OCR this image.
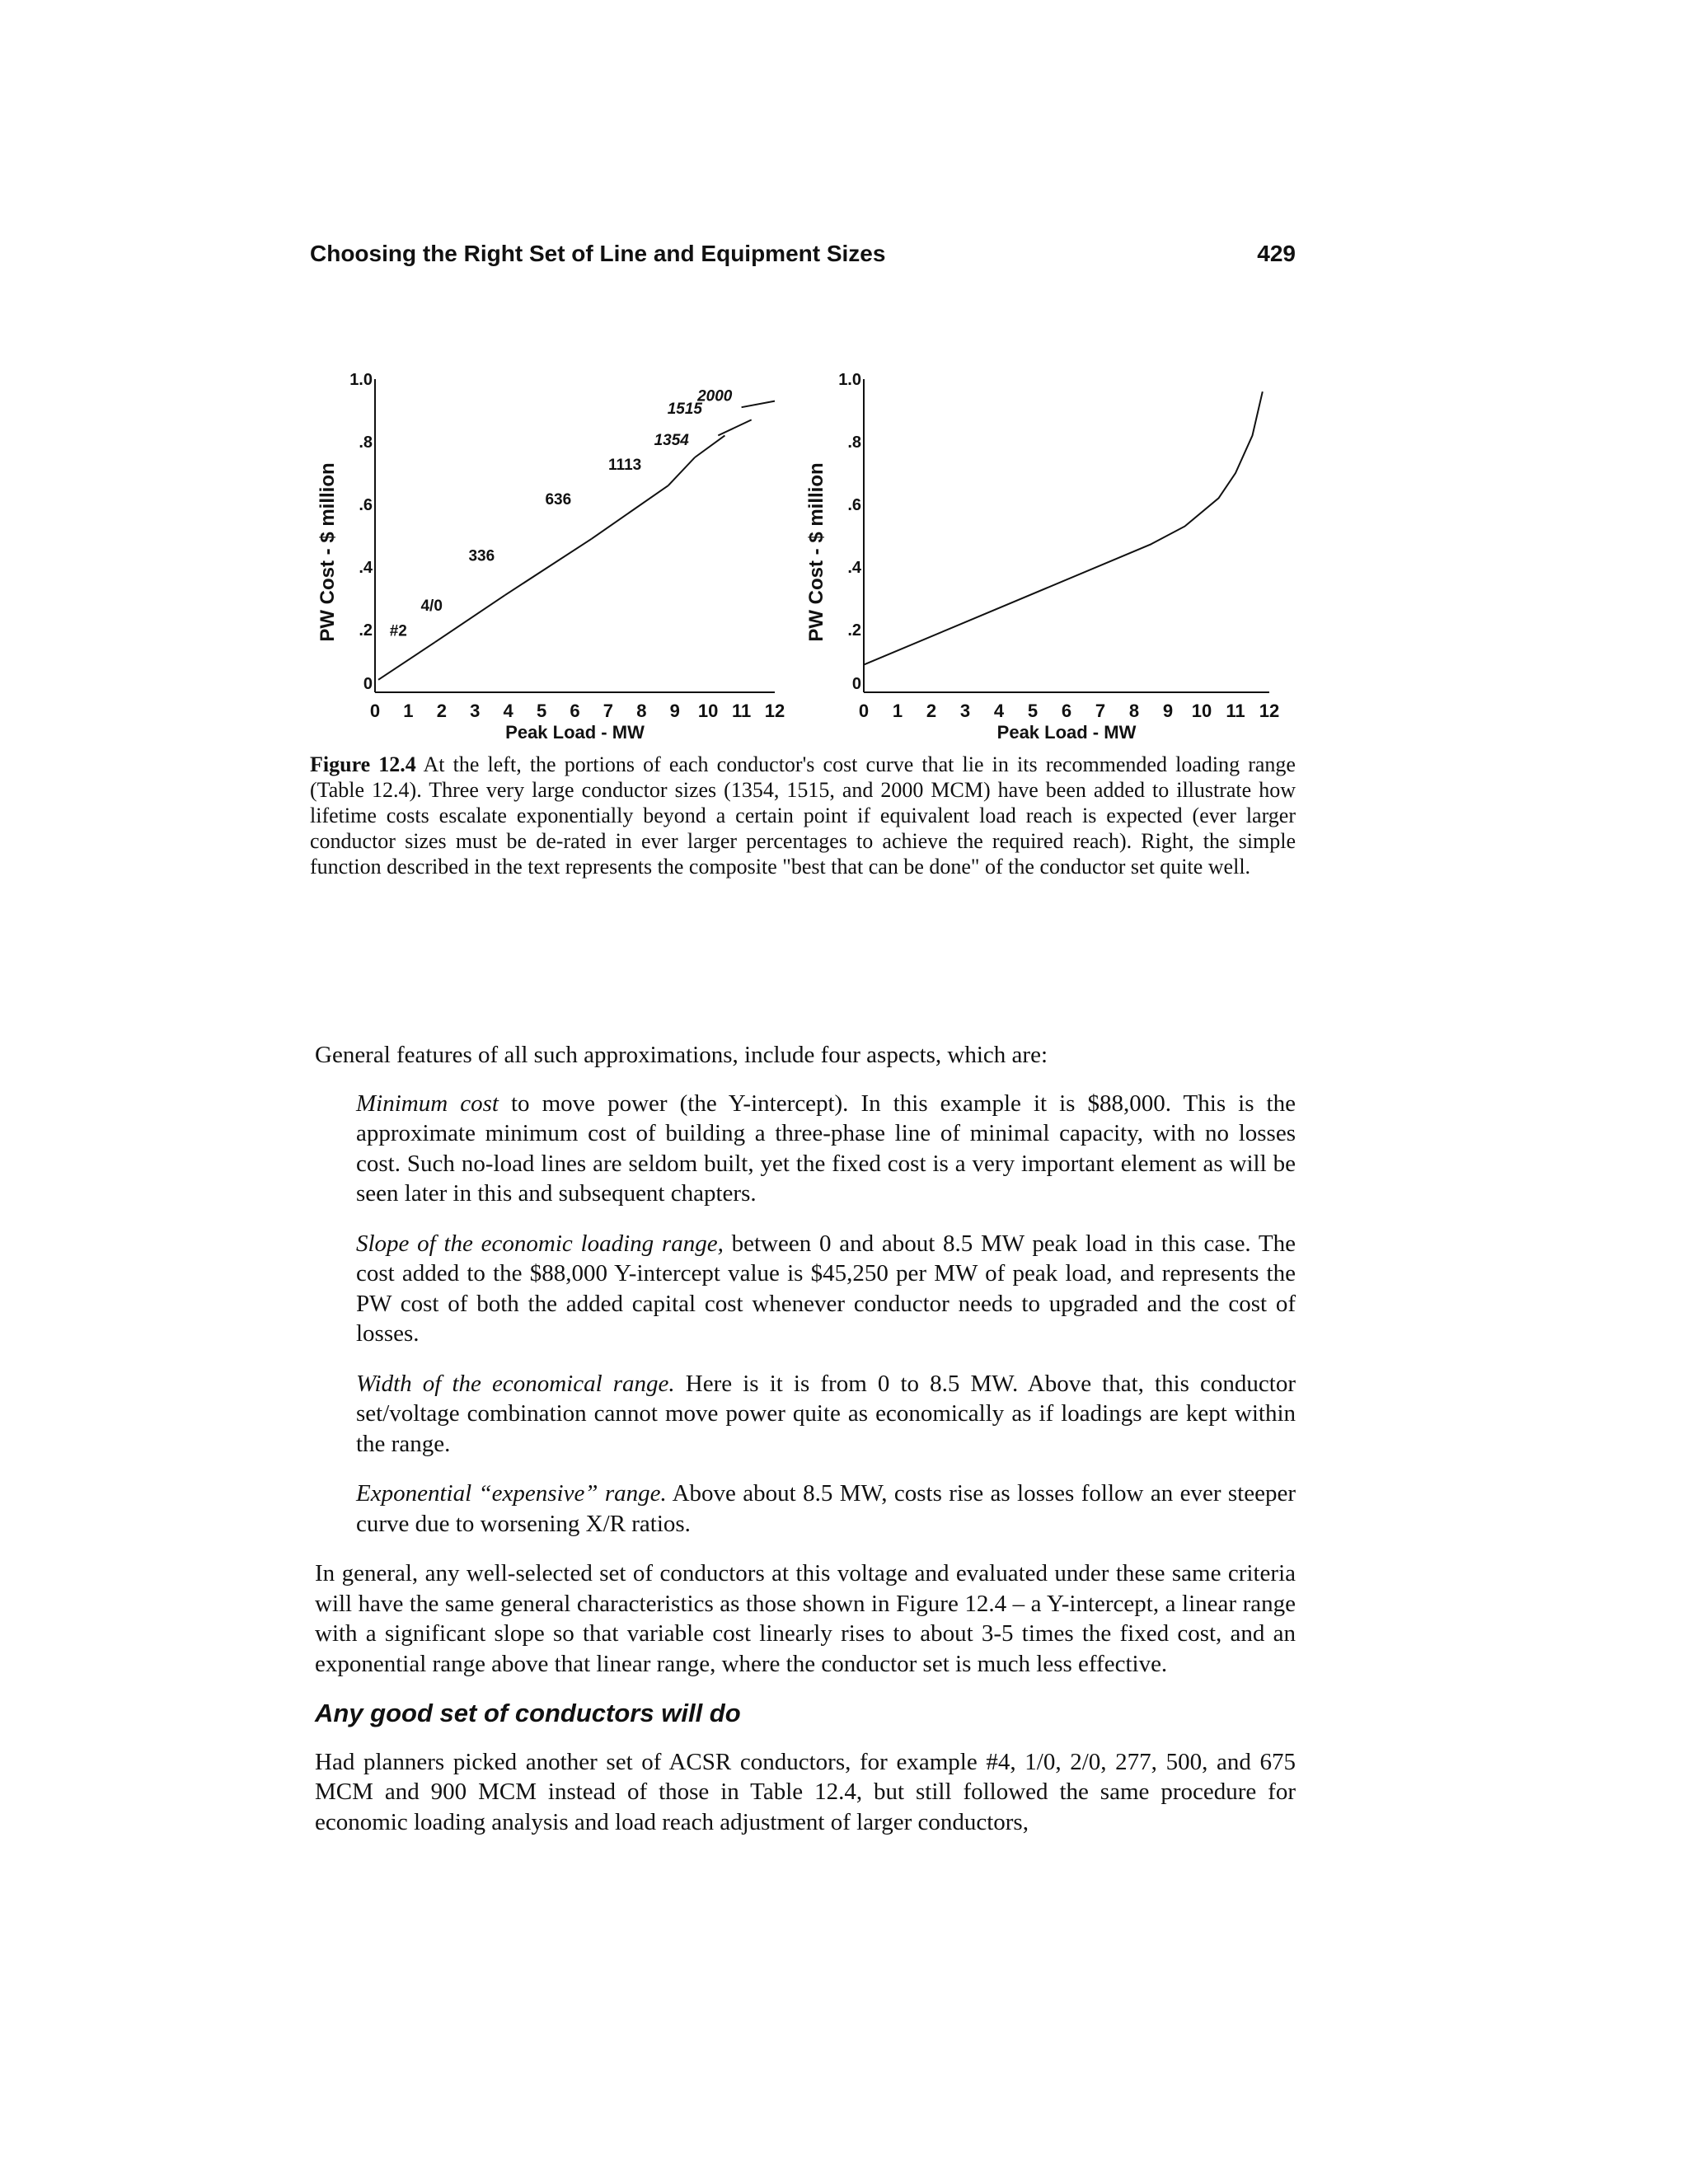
Choosing the Right Set of Line and Equipment Sizes	429
0 1 2 3 4 5 6 7 8 9 10 11 12
0
.2
.4
.6
.8
1.0
Peak Load - MW
PW Cost - $ million	#2
4/0
336
636
1113
1354
1515
2000
0 1 2 3 4 5 6 7 8 9 10 11 12
0
.2
.4
.6
.8
1.0
Peak Load - MW
PW Cost - $ million
Figure 12.4 At the left, the portions of each conductor's cost curve that lie in its recommended loading range (Table 12.4). Three very large conductor sizes (1354, 1515, and 2000 MCM) have been added to illustrate how lifetime costs escalate exponentially beyond a certain point if equivalent load reach is expected (ever larger conductor sizes must be de-rated in ever larger percentages to achieve the required reach). Right, the simple function described in the text represents the composite "best that can be done" of the conductor set quite well.

General features of all such approximations, include four aspects, which are:

Minimum cost to move power (the Y-intercept). In this example it is $88,000. This is the approximate minimum cost of building a three-phase line of minimal capacity, with no losses cost. Such no-load lines are seldom built, yet the fixed cost is a very important element as will be seen later in this and subsequent chapters.

Slope of the economic loading range, between 0 and about 8.5 MW peak load in this case. The cost added to the $88,000 Y-intercept value is $45,250 per MW of peak load, and represents the PW cost of both the added capital cost whenever conductor needs to upgraded and the cost of losses.

Width of the economical range. Here is it is from 0 to 8.5 MW. Above that, this conductor set/voltage combination cannot move power quite as economically as if loadings are kept within the range.

Exponential “expensive” range. Above about 8.5 MW, costs rise as losses follow an ever steeper curve due to worsening X/R ratios.

In general, any well-selected set of conductors at this voltage and evaluated under these same criteria will have the same general characteristics as those shown in Figure 12.4 – a Y-intercept, a linear range with a significant slope so that variable cost linearly rises to about 3-5 times the fixed cost, and an exponential range above that linear range, where the conductor set is much less effective.

Any good set of conductors will do

Had planners picked another set of ACSR conductors, for example #4, 1/0, 2/0, 277, 500, and 675 MCM and 900 MCM instead of those in Table 12.4, but still followed the same procedure for economic loading analysis and load reach adjustment of larger conductors,
